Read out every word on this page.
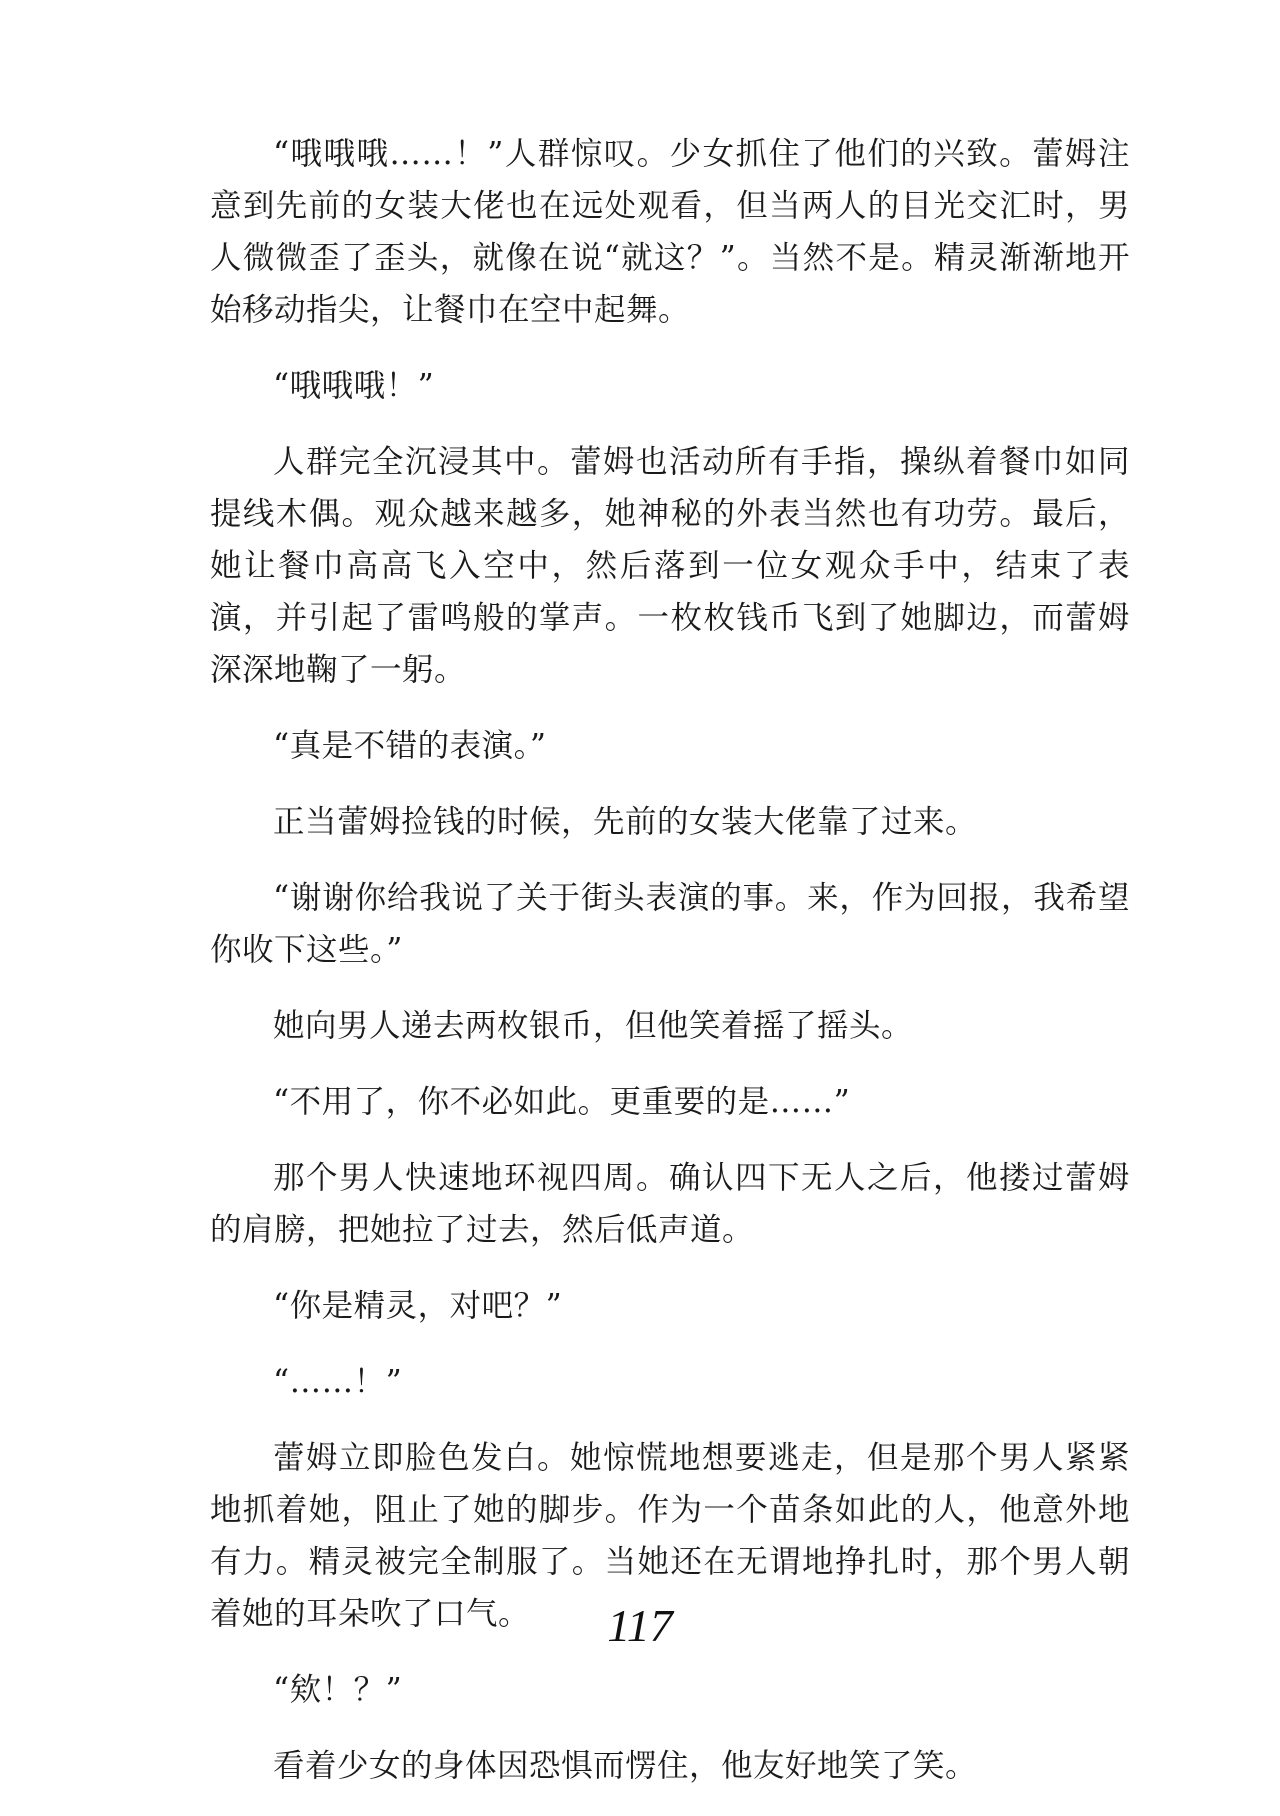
“哦哦哦……！”人群惊叹。少女抓住了他们的兴致。蕾姆注意到先前的女装大佬也在远处观看，但当两人的目光交汇时，男人微微歪了歪头，就像在说“就这？”。当然不是。精灵渐渐地开始移动指尖，让餐巾在空中起舞。

“哦哦哦！”

人群完全沉浸其中。蕾姆也活动所有手指，操纵着餐巾如同提线木偶。观众越来越多，她神秘的外表当然也有功劳。最后，她让餐巾高高飞入空中，然后落到一位女观众手中，结束了表演，并引起了雷鸣般的掌声。一枚枚钱币飞到了她脚边，而蕾姆深深地鞠了一躬。

“真是不错的表演。”

正当蕾姆捡钱的时候，先前的女装大佬靠了过来。

“谢谢你给我说了关于街头表演的事。来，作为回报，我希望你收下这些。”

她向男人递去两枚银币，但他笑着摇了摇头。

“不用了，你不必如此。更重要的是……”

那个男人快速地环视四周。确认四下无人之后，他搂过蕾姆的肩膀，把她拉了过去，然后低声道。

“你是精灵，对吧？”

“……！”

蕾姆立即脸色发白。她惊慌地想要逃走，但是那个男人紧紧地抓着她，阻止了她的脚步。作为一个苗条如此的人，他意外地有力。精灵被完全制服了。当她还在无谓地挣扎时，那个男人朝着她的耳朵吹了口气。

“欸！？”

看着少女的身体因恐惧而愣住，他友好地笑了笑。

117
